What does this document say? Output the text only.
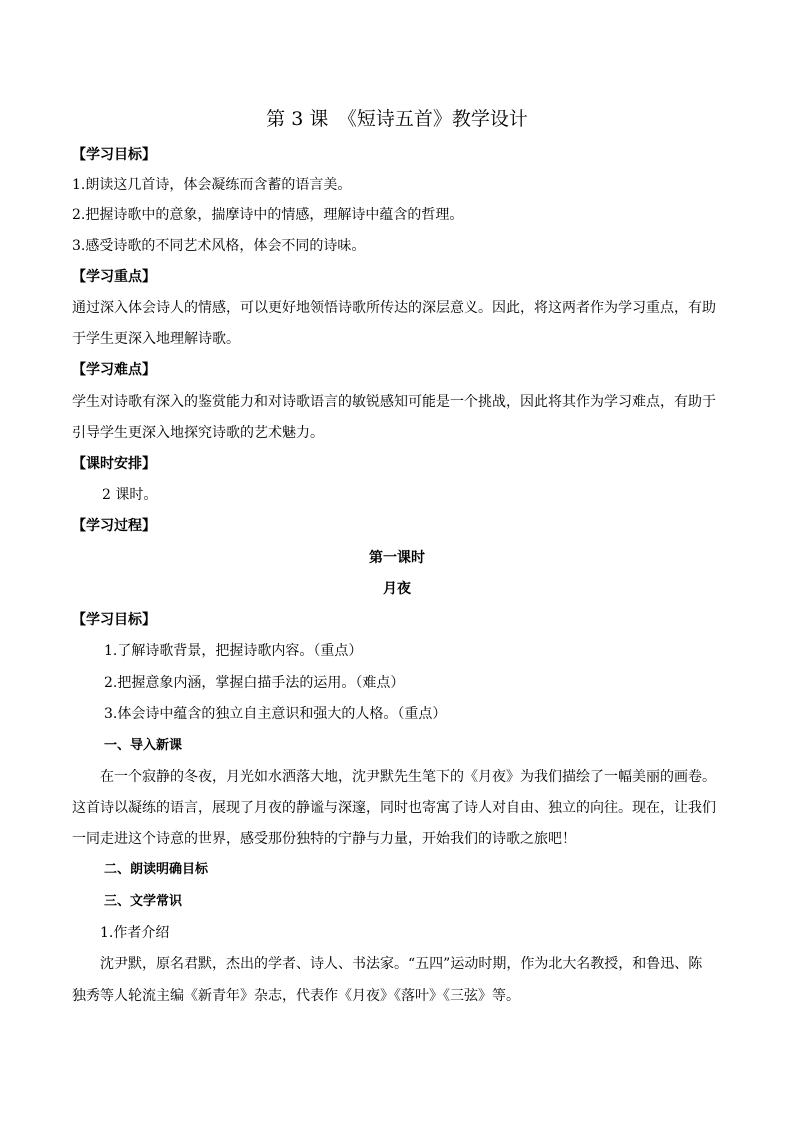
第 3 课　《短诗五首》教学设计
【学习目标】
1.朗读这几首诗，体会凝练而含蓄的语言美。
2.把握诗歌中的意象，揣摩诗中的情感，理解诗中蕴含的哲理。
3.感受诗歌的不同艺术风格，体会不同的诗味。
【学习重点】
通过深入体会诗人的情感，可以更好地领悟诗歌所传达的深层意义。因此，将这两者作为学习重点，有助
于学生更深入地理解诗歌。
【学习难点】
学生对诗歌有深入的鉴赏能力和对诗歌语言的敏锐感知可能是一个挑战，因此将其作为学习难点，有助于
引导学生更深入地探究诗歌的艺术魅力。
【课时安排】
2 课时。
【学习过程】
第一课时
月夜
【学习目标】
1.了解诗歌背景，把握诗歌内容。（重点）
2.把握意象内涵，掌握白描手法的运用。（难点）
3.体会诗中蕴含的独立自主意识和强大的人格。（重点）
一、导入新课
在一个寂静的冬夜，月光如水洒落大地，沈尹默先生笔下的《月夜》为我们描绘了一幅美丽的画卷。
这首诗以凝练的语言，展现了月夜的静谧与深邃，同时也寄寓了诗人对自由、独立的向往。现在，让我们
一同走进这个诗意的世界，感受那份独特的宁静与力量，开始我们的诗歌之旅吧！
二、朗读明确目标
三、文学常识
1.作者介绍
沈尹默，原名君默，杰出的学者、诗人、书法家。“五四”运动时期，作为北大名教授，和鲁迅、陈
独秀等人轮流主编《新青年》杂志，代表作《月夜》《落叶》《三弦》等。
